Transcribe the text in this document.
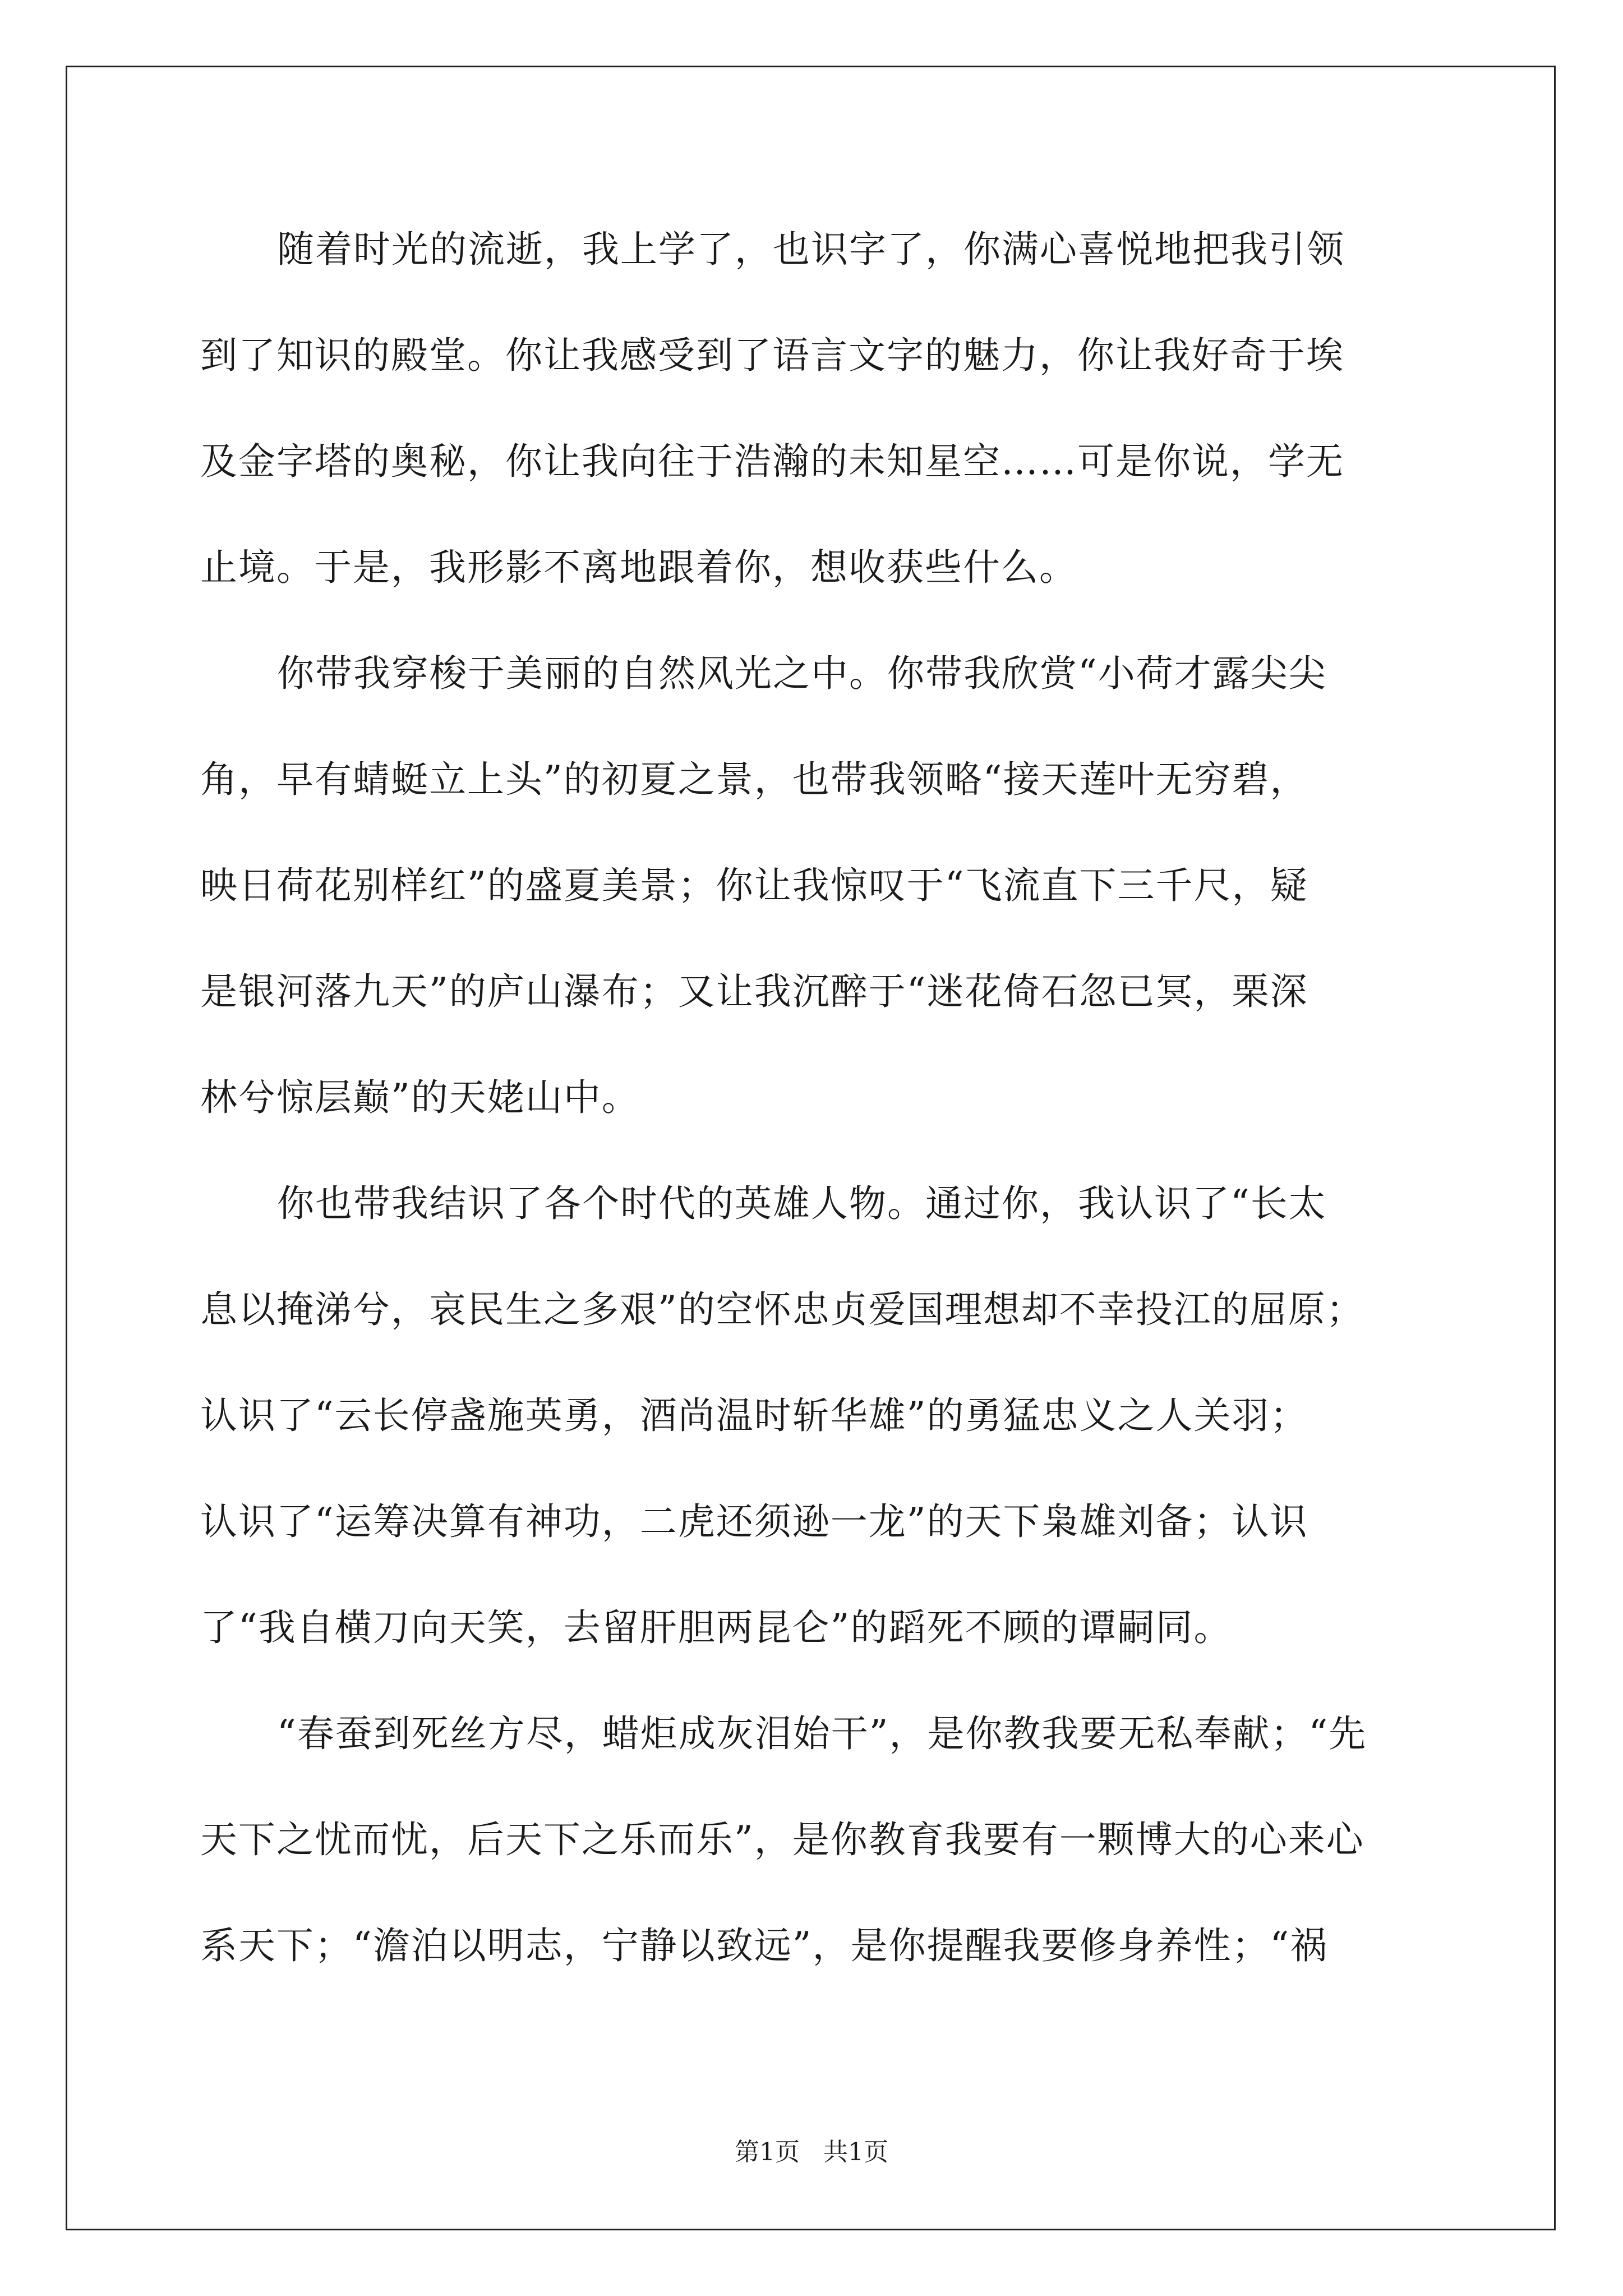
随着时光的流逝，我上学了，也识字了，你满心喜悦地把我引领
到了知识的殿堂。你让我感受到了语言文字的魅力，你让我好奇于埃
及金字塔的奥秘，你让我向往于浩瀚的未知星空……可是你说，学无
止境。于是，我形影不离地跟着你，想收获些什么。
你带我穿梭于美丽的自然风光之中。你带我欣赏“小荷才露尖尖
角，早有蜻蜓立上头”的初夏之景，也带我领略“接天莲叶无穷碧，
映日荷花别样红”的盛夏美景；你让我惊叹于“飞流直下三千尺，疑
是银河落九天”的庐山瀑布；又让我沉醉于“迷花倚石忽已冥，栗深
林兮惊层巅”的天姥山中。
你也带我结识了各个时代的英雄人物。通过你，我认识了“长太
息以掩涕兮，哀民生之多艰”的空怀忠贞爱国理想却不幸投江的屈原；
认识了“云长停盏施英勇，酒尚温时斩华雄”的勇猛忠义之人关羽；
认识了“运筹决算有神功，二虎还须逊一龙”的天下枭雄刘备；认识
了“我自横刀向天笑，去留肝胆两昆仑”的蹈死不顾的谭嗣同。
“春蚕到死丝方尽，蜡炬成灰泪始干”，是你教我要无私奉献；“先
天下之忧而忧，后天下之乐而乐”，是你教育我要有一颗博大的心来心
系天下；“澹泊以明志，宁静以致远”，是你提醒我要修身养性；“祸
第1页   共1页
